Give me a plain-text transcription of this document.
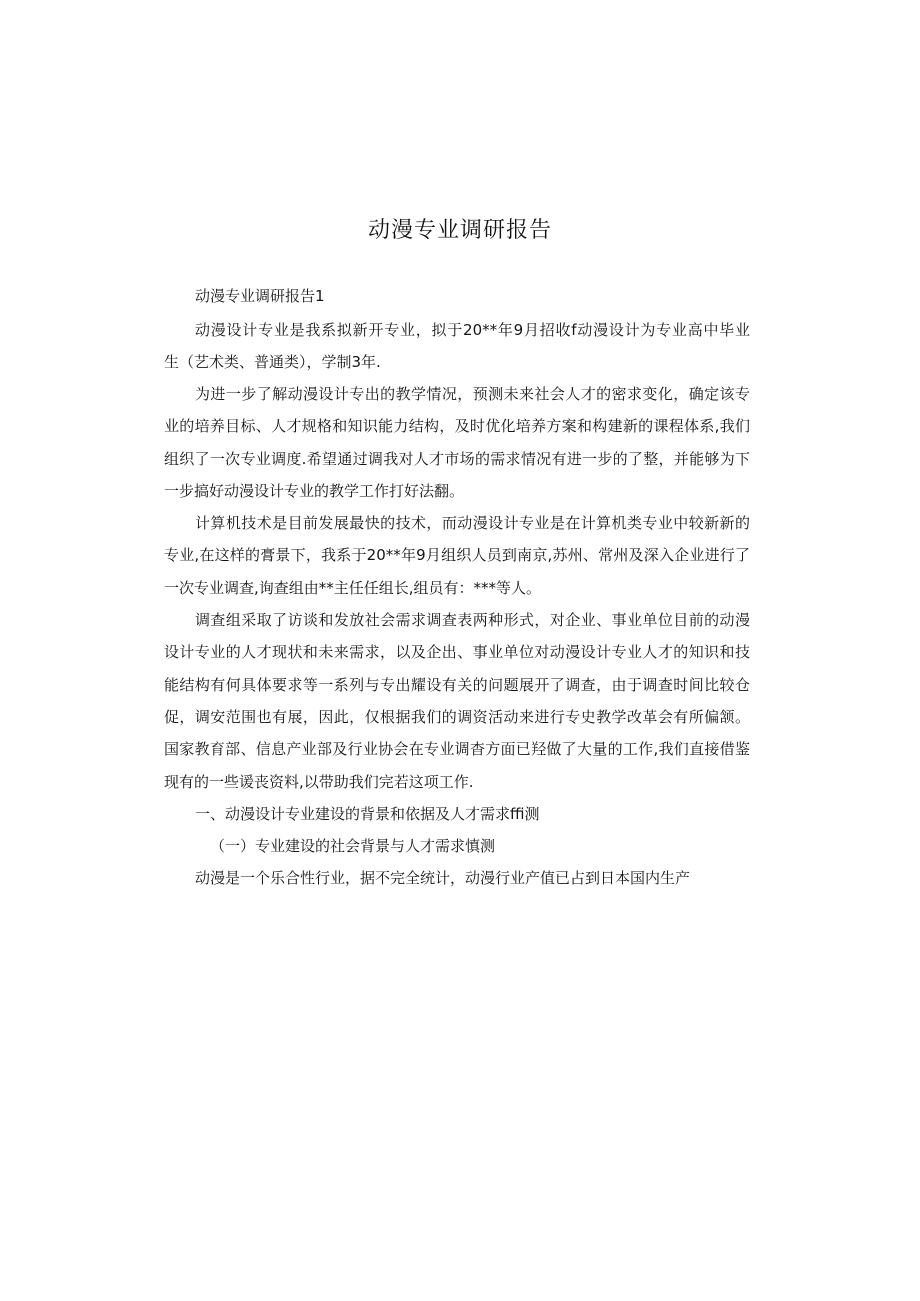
动漫专业调研报告

动漫专业调研报告1

动漫设计专业是我系拟新开专业，拟于20**年9月招收f动漫设计为专业高中毕业

生（艺术类、普通类），学制3年.

为进一步了解动漫设计专出的教学情况，预测未来社会人才的密求变化，确定该专

业的培养目标、人才规格和知识能力结构，及时优化培养方案和构建新的课程体系,我们

组织了一次专业调度.希望通过调我对人才市场的需求情况有进一步的了整，并能够为下

一步搞好动漫设计专业的教学工作打好法翻。

计算机技术是目前发展最快的技术，而动漫设计专业是在计算机类专业中较新新的

专业,在这样的膏景下，我系于20**年9月组织人员到南京,苏州、常州及深入企业进行了

一次专业调查,询查组由**主任任组长,组员有：***等人。

调查组采取了访谈和发放社会需求调查表两种形式，对企业、事业单位目前的动漫

设计专业的人才现状和未来需求，以及企出、事业单位对动漫设计专业人才的知识和技

能结构有何具体要求等一系列与专出耀设有关的问题展开了调查，由于调查时间比较仓

促，调安范围也有展，因此，仅根据我们的调资活动来进行专史教学改革会有所偏颔。

国家教育部、信息产业部及行业协会在专业调杳方面已羟做了大量的工作,我们直接借鉴

现有的一些谖丧资料,以带助我们完若这项工作.

一、动漫设计专业建设的背景和依据及人才需求ffi测

（一）专业建设的社会背景与人才需求慎测

动漫是一个乐合性行业，据不完全统计，动漫行业产值已占到日本国内生产
